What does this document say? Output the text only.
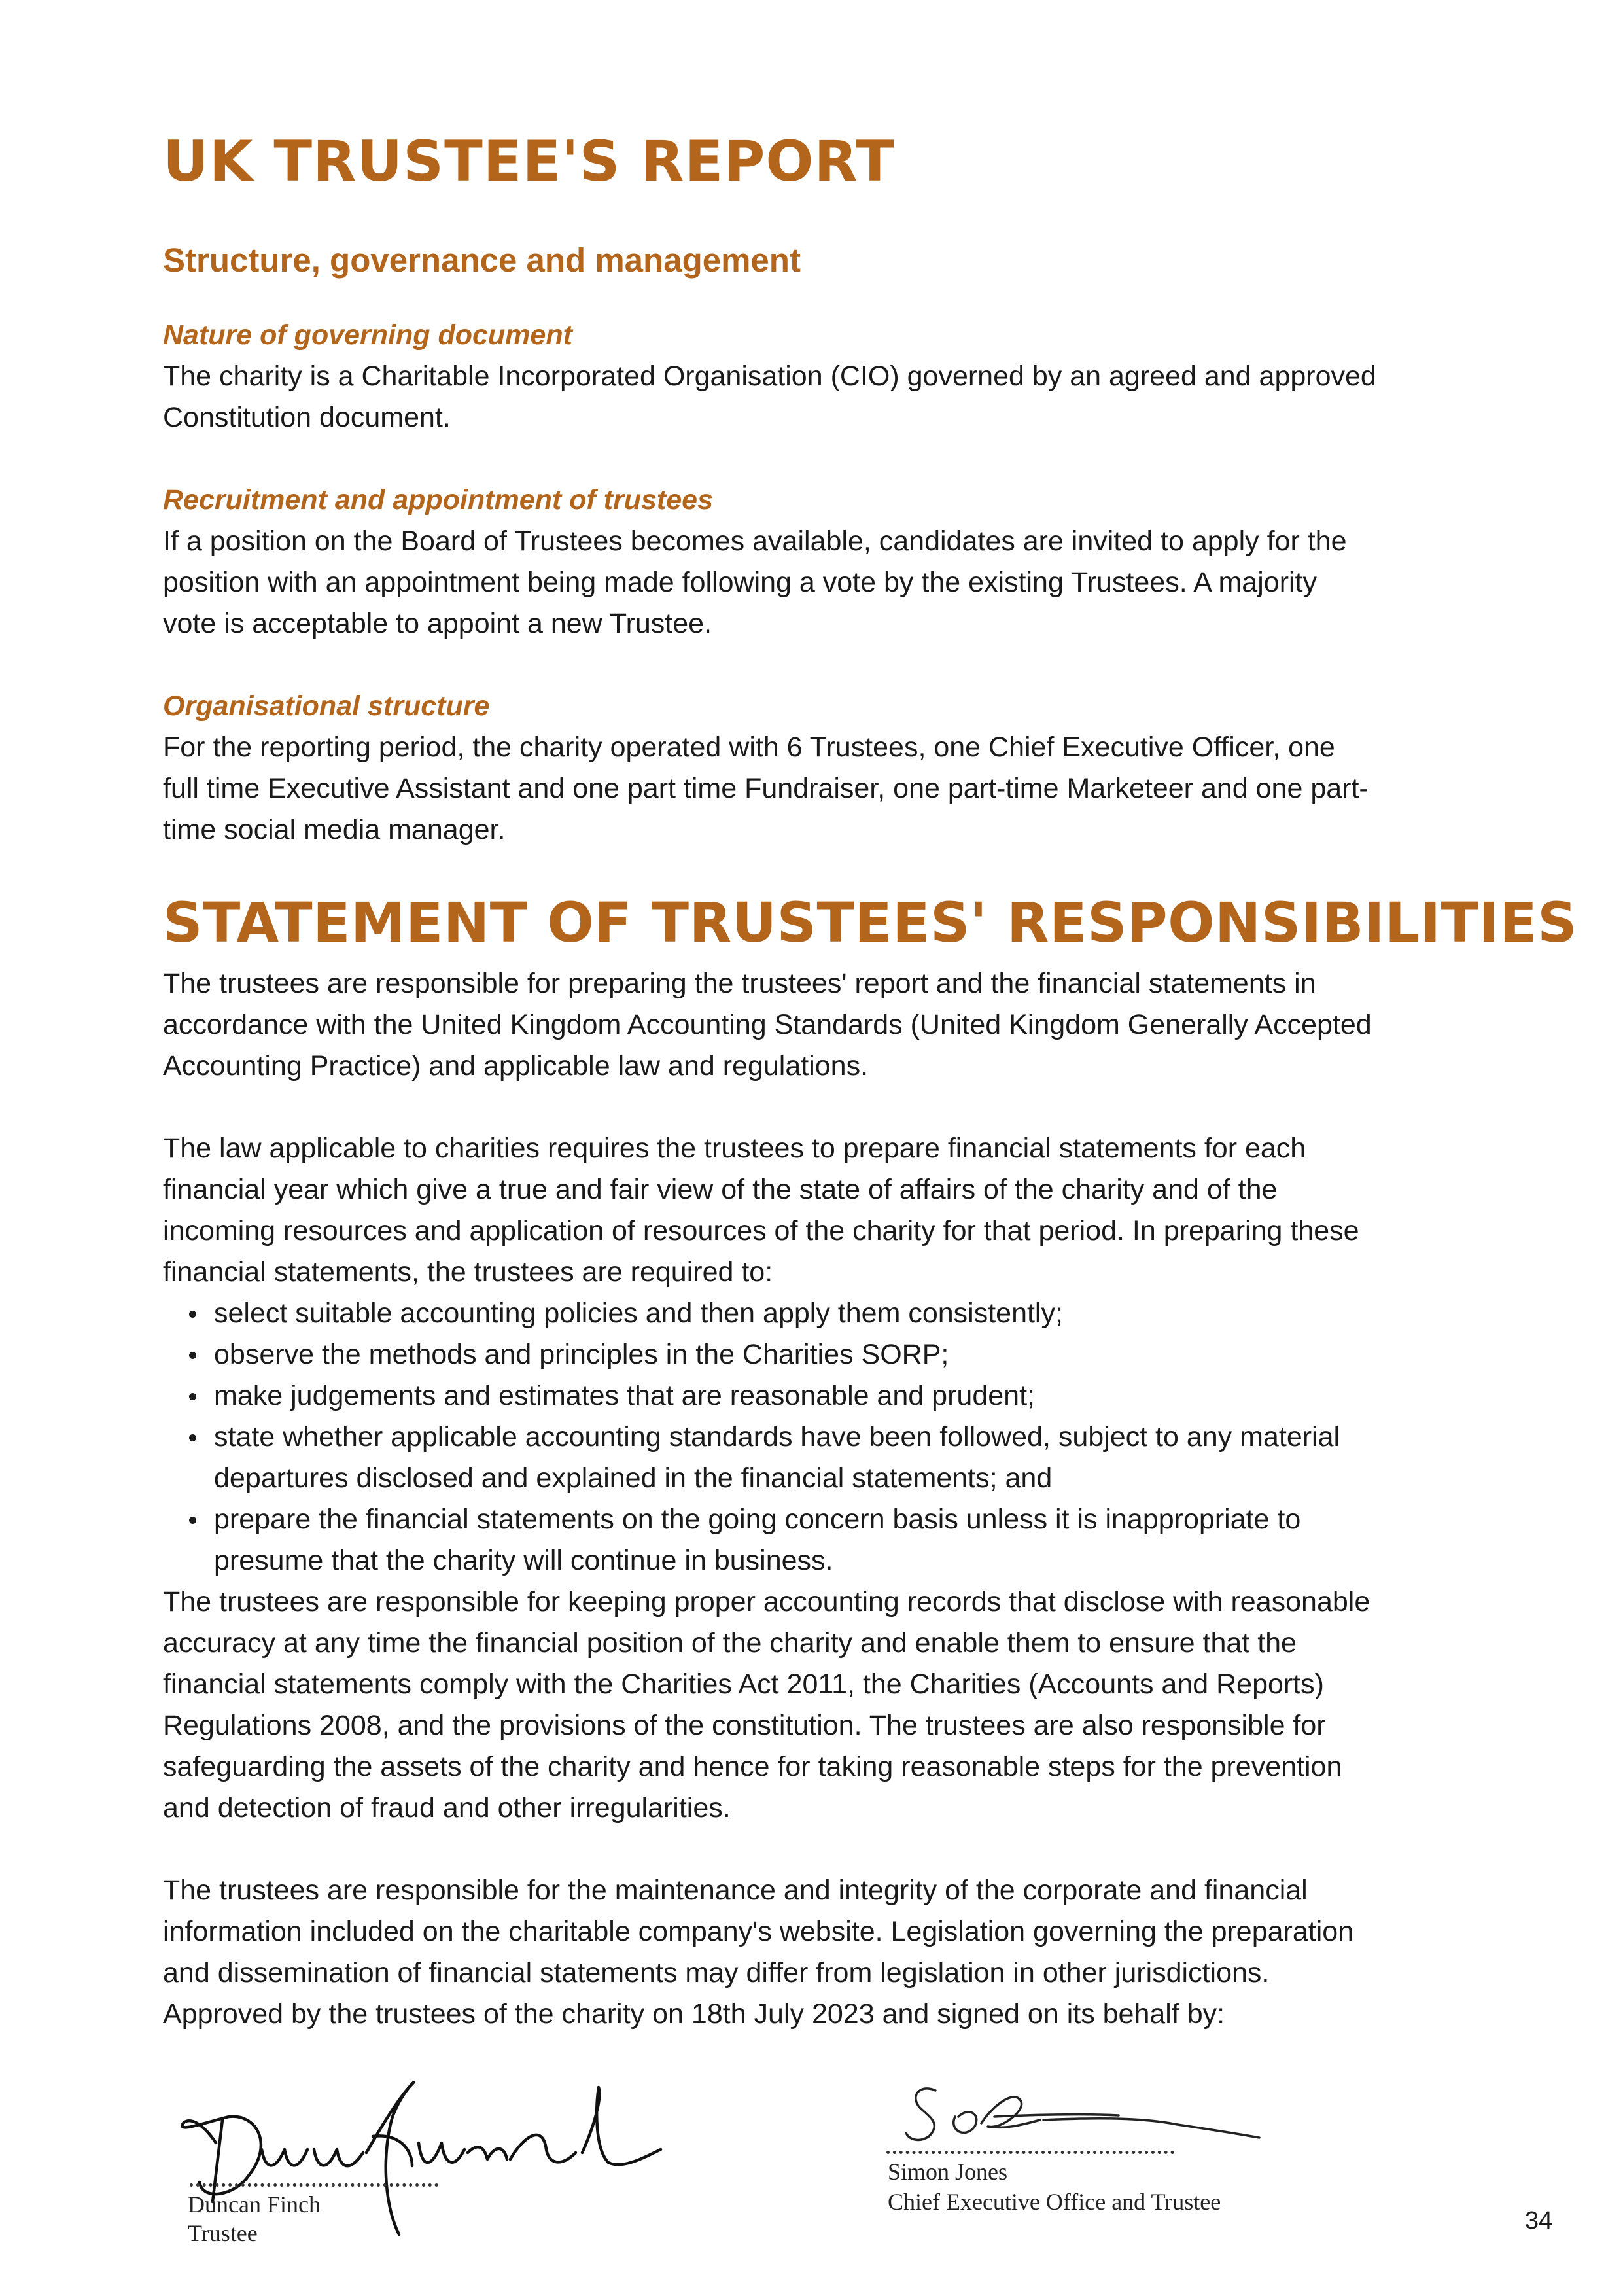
UK TRUSTEE'S REPORT
Structure, governance and management
Nature of governing document
The charity is a Charitable Incorporated Organisation (CIO) governed by an agreed and approved
Constitution document.
Recruitment and appointment of trustees
If a position on the Board of Trustees becomes available, candidates are invited to apply for the
position with an appointment being made following a vote by the existing Trustees. A majority
vote is acceptable to appoint a new Trustee.
Organisational structure
For the reporting period, the charity operated with 6 Trustees, one Chief Executive Officer, one
full time Executive Assistant and one part time Fundraiser, one part-time Marketeer and one part-
time social media manager.
STATEMENT OF TRUSTEES' RESPONSIBILITIES
The trustees are responsible for preparing the trustees' report and the financial statements in
accordance with the United Kingdom Accounting Standards (United Kingdom Generally Accepted
Accounting Practice) and applicable law and regulations.
The law applicable to charities requires the trustees to prepare financial statements for each
financial year which give a true and fair view of the state of affairs of the charity and of the
incoming resources and application of resources of the charity for that period. In preparing these
financial statements, the trustees are required to:
select suitable accounting policies and then apply them consistently;
observe the methods and principles in the Charities SORP;
make judgements and estimates that are reasonable and prudent;
state whether applicable accounting standards have been followed, subject to any material
departures disclosed and explained in the financial statements; and
prepare the financial statements on the going concern basis unless it is inappropriate to
presume that the charity will continue in business.
The trustees are responsible for keeping proper accounting records that disclose with reasonable
accuracy at any time the financial position of the charity and enable them to ensure that the
financial statements comply with the Charities Act 2011, the Charities (Accounts and Reports)
Regulations 2008, and the provisions of the constitution. The trustees are also responsible for
safeguarding the assets of the charity and hence for taking reasonable steps for the prevention
and detection of fraud and other irregularities.
The trustees are responsible for the maintenance and integrity of the corporate and financial
information included on the charitable company's website. Legislation governing the preparation
and dissemination of financial statements may differ from legislation in other jurisdictions.
Approved by the trustees of the charity on 18th July 2023 and signed on its behalf by:
Duncan Finch
Trustee
Simon Jones
Chief Executive Office and Trustee
34
